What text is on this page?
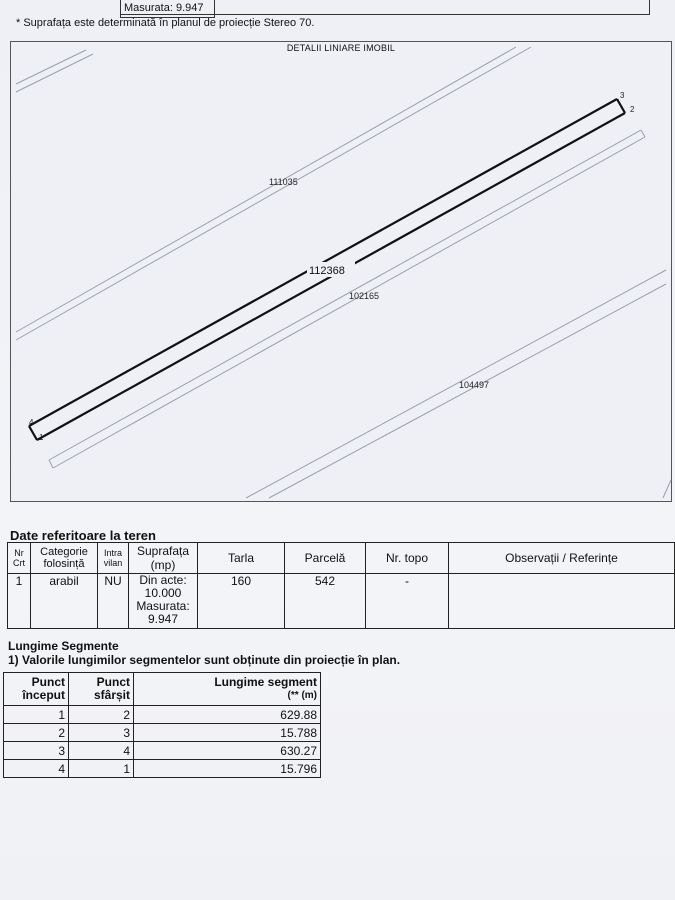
Masurata: 9.947
* Suprafața este determinată în planul de proiecție Stereo 70.
DETALII LINIARE IMOBIL
112368
111035
102165
104497
1
2
3
4
Date referitoare la teren
Nr Crt	Categorie folosință	Intra vilan	Suprafața (mp)	Tarla	Parcelă	Nr. topo	Observații / Referințe
1	arabil	NU	Din acte:
10.000
Masurata:
9.947	160	542	-	
Lungime Segmente
1) Valorile lungimilor segmentelor sunt obținute din proiecție în plan.
Punct început	Punct sfârșit	Lungime segment
(** (m)

1	2	629.88
2	3	15.788
3	4	630.27
4	1	15.796
